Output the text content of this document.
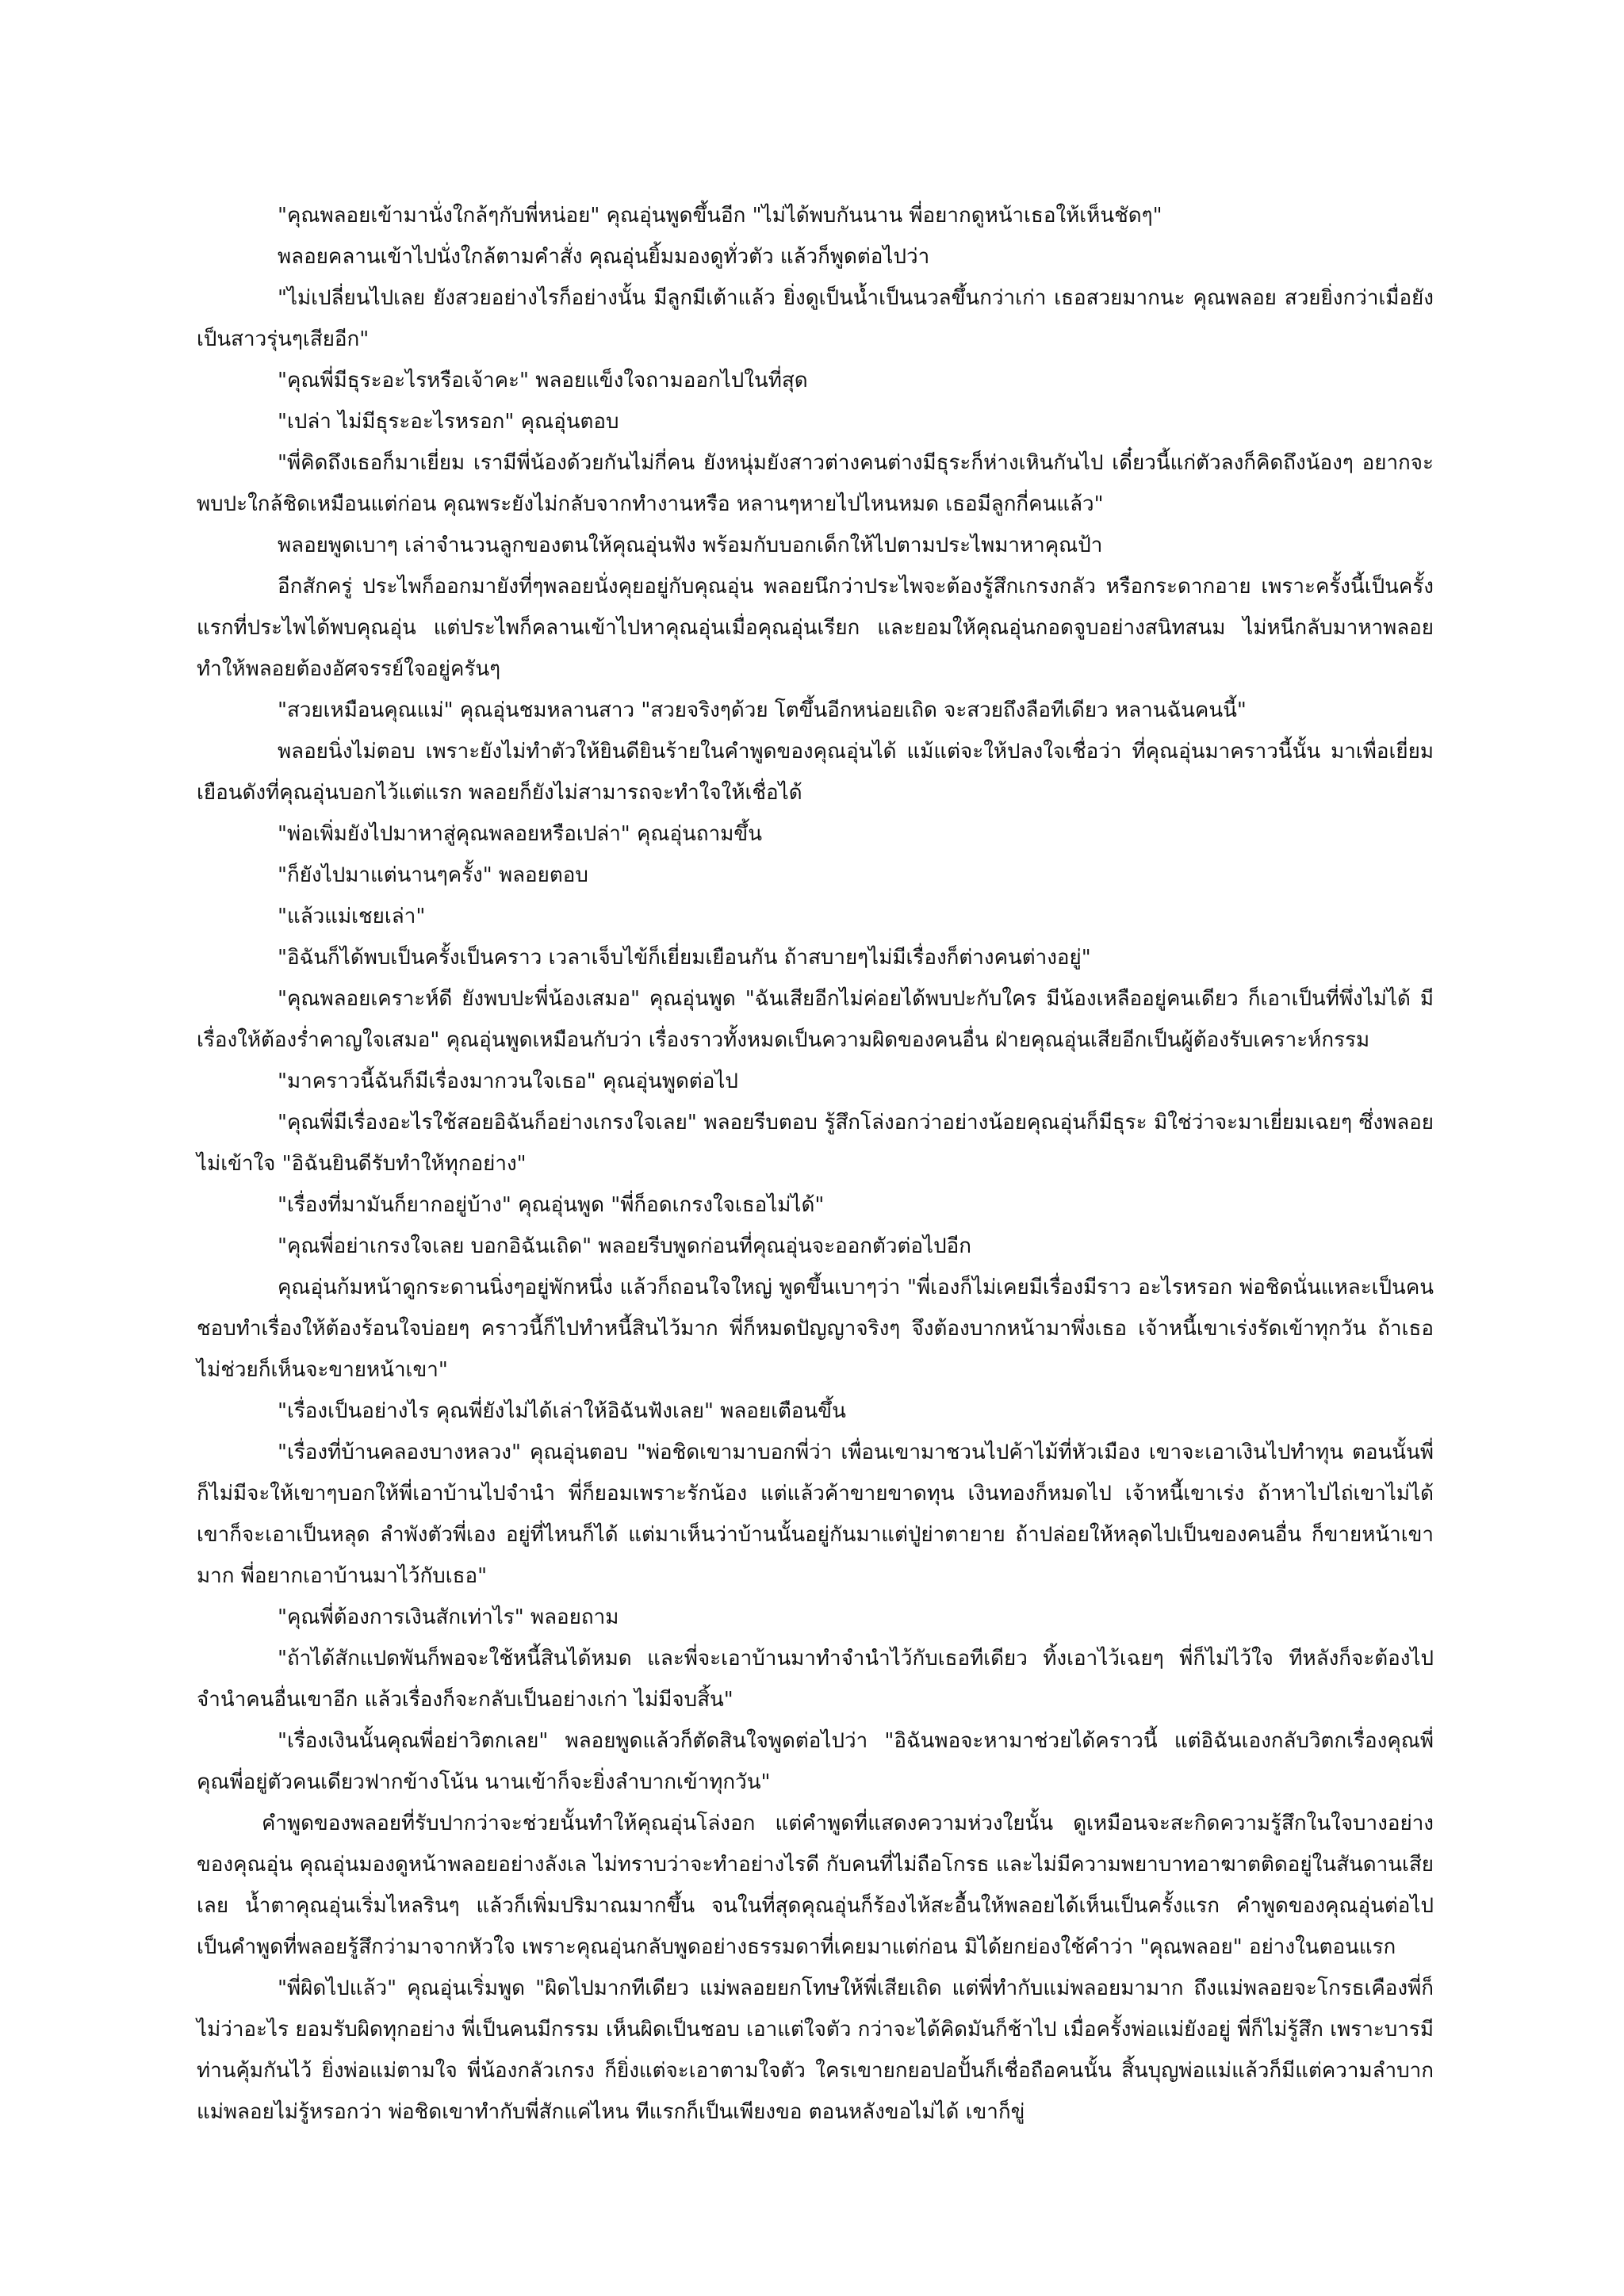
"คุณพลอยเข้ามานั่งใกล้ๆกับพี่หน่อย" คุณอุ่นพูดขึ้นอีก "ไม่ได้พบกันนาน พี่อยากดูหน้าเธอให้เห็นชัดๆ"

พลอยคลานเข้าไปนั่งใกล้ตามคำสั่ง คุณอุ่นยิ้มมองดูทั่วตัว แล้วก็พูดต่อไปว่า

"ไม่เปลี่ยนไปเลย ยังสวยอย่างไรก็อย่างนั้น มีลูกมีเต้าแล้ว ยิ่งดูเป็นน้ำเป็นนวลขึ้นกว่าเก่า เธอสวยมากนะ คุณพลอย สวยยิ่งกว่าเมื่อยังเป็นสาวรุ่นๆเสียอีก"

"คุณพี่มีธุระอะไรหรือเจ้าคะ" พลอยแข็งใจถามออกไปในที่สุด

"เปล่า ไม่มีธุระอะไรหรอก" คุณอุ่นตอบ

"พี่คิดถึงเธอก็มาเยี่ยม เรามีพี่น้องด้วยกันไม่กี่คน ยังหนุ่มยังสาวต่างคนต่างมีธุระก็ห่างเหินกันไป เดี๋ยวนี้แก่ตัวลงก็คิดถึงน้องๆ อยากจะพบปะใกล้ชิดเหมือนแต่ก่อน คุณพระยังไม่กลับจากทำงานหรือ หลานๆหายไปไหนหมด เธอมีลูกกี่คนแล้ว"

พลอยพูดเบาๆ เล่าจำนวนลูกของตนให้คุณอุ่นฟัง พร้อมกับบอกเด็กให้ไปตามประไพมาหาคุณป้า

อีกสักครู่ ประไพก็ออกมายังที่ๆพลอยนั่งคุยอยู่กับคุณอุ่น พลอยนึกว่าประไพจะต้องรู้สึกเกรงกลัว หรือกระดากอาย เพราะครั้งนี้เป็นครั้งแรกที่ประไพได้พบคุณอุ่น แต่ประไพก็คลานเข้าไปหาคุณอุ่นเมื่อคุณอุ่นเรียก และยอมให้คุณอุ่นกอดจูบอย่างสนิทสนม ไม่หนีกลับมาหาพลอย ทำให้พลอยต้องอัศจรรย์ใจอยู่ครันๆ

"สวยเหมือนคุณแม่" คุณอุ่นชมหลานสาว "สวยจริงๆด้วย โตขึ้นอีกหน่อยเถิด จะสวยถึงลือทีเดียว หลานฉันคนนี้"

พลอยนิ่งไม่ตอบ เพราะยังไม่ทำตัวให้ยินดียินร้ายในคำพูดของคุณอุ่นได้ แม้แต่จะให้ปลงใจเชื่อว่า ที่คุณอุ่นมาคราวนี้นั้น มาเพื่อเยี่ยมเยือนดังที่คุณอุ่นบอกไว้แต่แรก พลอยก็ยังไม่สามารถจะทำใจให้เชื่อได้

"พ่อเพิ่มยังไปมาหาสู่คุณพลอยหรือเปล่า" คุณอุ่นถามขึ้น

"ก็ยังไปมาแต่นานๆครั้ง" พลอยตอบ

"แล้วแม่เชยเล่า"

"อิฉันก็ได้พบเป็นครั้งเป็นคราว เวลาเจ็บไข้ก็เยี่ยมเยือนกัน ถ้าสบายๆไม่มีเรื่องก็ต่างคนต่างอยู่"

"คุณพลอยเคราะห์ดี ยังพบปะพี่น้องเสมอ" คุณอุ่นพูด "ฉันเสียอีกไม่ค่อยได้พบปะกับใคร มีน้องเหลืออยู่คนเดียว ก็เอาเป็นที่พึ่งไม่ได้ มีเรื่องให้ต้องร่ำคาญใจเสมอ" คุณอุ่นพูดเหมือนกับว่า เรื่องราวทั้งหมดเป็นความผิดของคนอื่น ฝ่ายคุณอุ่นเสียอีกเป็นผู้ต้องรับเคราะห์กรรม

"มาคราวนี้ฉันก็มีเรื่องมากวนใจเธอ" คุณอุ่นพูดต่อไป

"คุณพี่มีเรื่องอะไรใช้สอยอิฉันก็อย่างเกรงใจเลย" พลอยรีบตอบ รู้สึกโล่งอกว่าอย่างน้อยคุณอุ่นก็มีธุระ มิใช่ว่าจะมาเยี่ยมเฉยๆ ซึ่งพลอยไม่เข้าใจ "อิฉันยินดีรับทำให้ทุกอย่าง"

"เรื่องที่มามันก็ยากอยู่บ้าง" คุณอุ่นพูด "พี่ก็อดเกรงใจเธอไม่ได้"

"คุณพี่อย่าเกรงใจเลย บอกอิฉันเถิด" พลอยรีบพูดก่อนที่คุณอุ่นจะออกตัวต่อไปอีก

คุณอุ่นก้มหน้าดูกระดานนิ่งๆอยู่พักหนึ่ง แล้วก็ถอนใจใหญ่ พูดขึ้นเบาๆว่า "พี่เองก็ไม่เคยมีเรื่องมีราว อะไรหรอก พ่อชิดนั่นแหละเป็นคนชอบทำเรื่องให้ต้องร้อนใจบ่อยๆ คราวนี้ก็ไปทำหนี้สินไว้มาก พี่ก็หมดปัญญาจริงๆ จึงต้องบากหน้ามาพึ่งเธอ เจ้าหนี้เขาเร่งรัดเข้าทุกวัน ถ้าเธอไม่ช่วยก็เห็นจะขายหน้าเขา"

"เรื่องเป็นอย่างไร คุณพี่ยังไม่ได้เล่าให้อิฉันฟังเลย" พลอยเตือนขึ้น

"เรื่องที่บ้านคลองบางหลวง" คุณอุ่นตอบ "พ่อชิดเขามาบอกพี่ว่า เพื่อนเขามาชวนไปค้าไม้ที่หัวเมือง เขาจะเอาเงินไปทำทุน ตอนนั้นพี่ก็ไม่มีจะให้เขาๆบอกให้พี่เอาบ้านไปจำนำ พี่ก็ยอมเพราะรักน้อง แต่แล้วค้าขายขาดทุน เงินทองก็หมดไป เจ้าหนี้เขาเร่ง ถ้าหาไปไถ่เขาไม่ได้ เขาก็จะเอาเป็นหลุด ลำพังตัวพี่เอง อยู่ที่ไหนก็ได้ แต่มาเห็นว่าบ้านนั้นอยู่กันมาแต่ปู่ย่าตายาย ถ้าปล่อยให้หลุดไปเป็นของคนอื่น ก็ขายหน้าเขามาก พี่อยากเอาบ้านมาไว้กับเธอ"

"คุณพี่ต้องการเงินสักเท่าไร" พลอยถาม

"ถ้าได้สักแปดพันก็พอจะใช้หนี้สินได้หมด และพี่จะเอาบ้านมาทำจำนำไว้กับเธอทีเดียว ทิ้งเอาไว้เฉยๆ พี่ก็ไม่ไว้ใจ ทีหลังก็จะต้องไปจำนำคนอื่นเขาอีก แล้วเรื่องก็จะกลับเป็นอย่างเก่า ไม่มีจบสิ้น"

"เรื่องเงินนั้นคุณพี่อย่าวิตกเลย" พลอยพูดแล้วก็ตัดสินใจพูดต่อไปว่า "อิฉันพอจะหามาช่วยได้คราวนี้ แต่อิฉันเองกลับวิตกเรื่องคุณพี่ คุณพี่อยู่ตัวคนเดียวฟากข้างโน้น นานเข้าก็จะยิ่งลำบากเข้าทุกวัน"

คำพูดของพลอยที่รับปากว่าจะช่วยนั้นทำให้คุณอุ่นโล่งอก แต่คำพูดที่แสดงความห่วงใยนั้น ดูเหมือนจะสะกิดความรู้สึกในใจบางอย่างของคุณอุ่น คุณอุ่นมองดูหน้าพลอยอย่างลังเล ไม่ทราบว่าจะทำอย่างไรดี กับคนที่ไม่ถือโกรธ และไม่มีความพยาบาทอาฆาตติดอยู่ในสันดานเสียเลย น้ำตาคุณอุ่นเริ่มไหลรินๆ แล้วก็เพิ่มปริมาณมากขึ้น จนในที่สุดคุณอุ่นก็ร้องไห้สะอื้นให้พลอยได้เห็นเป็นครั้งแรก คำพูดของคุณอุ่นต่อไป เป็นคำพูดที่พลอยรู้สึกว่ามาจากหัวใจ เพราะคุณอุ่นกลับพูดอย่างธรรมดาที่เคยมาแต่ก่อน มิได้ยกย่องใช้คำว่า "คุณพลอย" อย่างในตอนแรก

"พี่ผิดไปแล้ว" คุณอุ่นเริ่มพูด "ผิดไปมากทีเดียว แม่พลอยยกโทษให้พี่เสียเถิด แต่พี่ทำกับแม่พลอยมามาก ถึงแม่พลอยจะโกรธเคืองพี่ก็ไม่ว่าอะไร ยอมรับผิดทุกอย่าง พี่เป็นคนมีกรรม เห็นผิดเป็นชอบ เอาแต่ใจตัว กว่าจะได้คิดมันก็ช้าไป เมื่อครั้งพ่อแม่ยังอยู่ พี่ก็ไม่รู้สึก เพราะบารมีท่านคุ้มกันไว้ ยิ่งพ่อแม่ตามใจ พี่น้องกลัวเกรง ก็ยิ่งแต่จะเอาตามใจตัว ใครเขายกยอปอปั้นก็เชื่อถือคนนั้น สิ้นบุญพ่อแม่แล้วก็มีแต่ความลำบาก แม่พลอยไม่รู้หรอกว่า พ่อชิดเขาทำกับพี่สักแค่ไหน ทีแรกก็เป็นเพียงขอ ตอนหลังขอไม่ได้ เขาก็ขู่
